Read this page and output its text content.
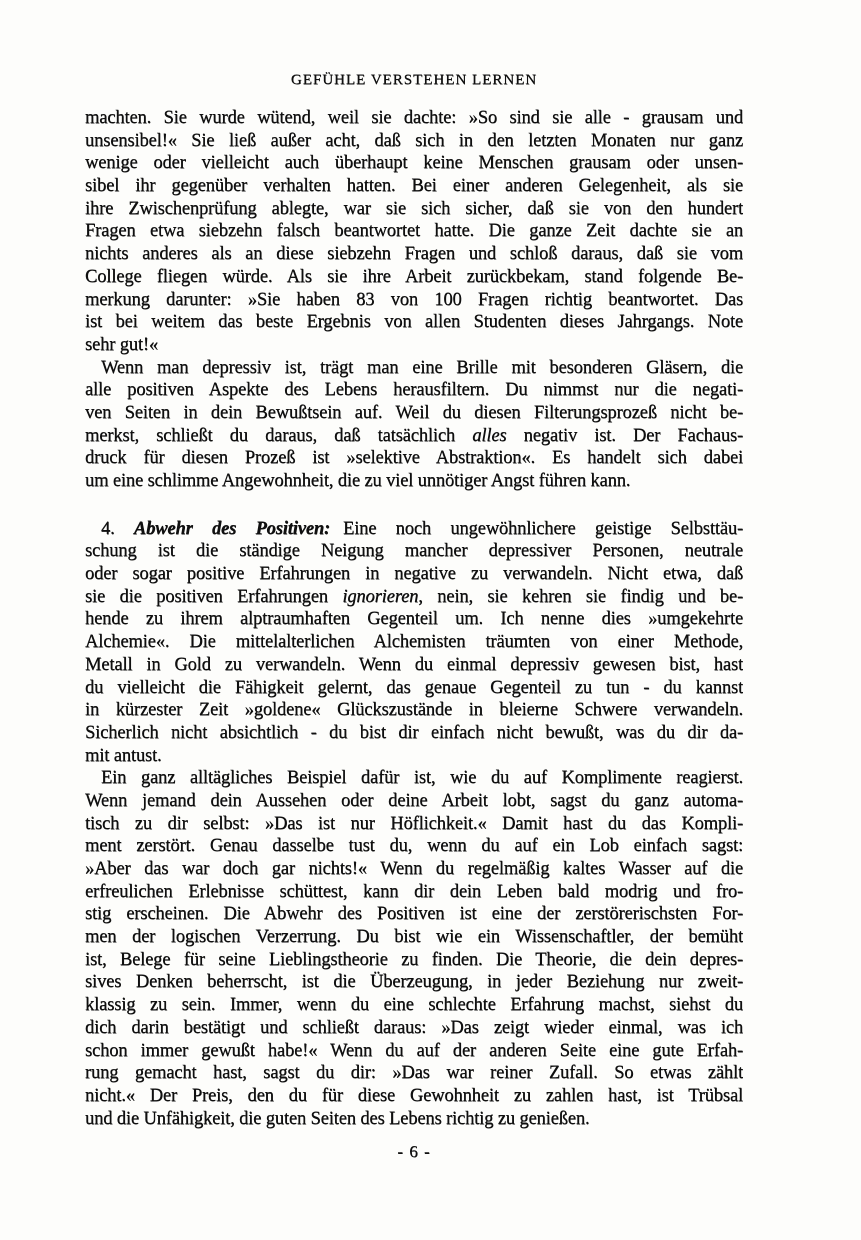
GEFÜHLE VERSTEHEN LERNEN
machten. Sie wurde wütend, weil sie dachte: »So sind sie alle - grausam und
unsensibel!« Sie ließ außer acht, daß sich in den letzten Monaten nur ganz
wenige oder vielleicht auch überhaupt keine Menschen grausam oder unsen-
sibel ihr gegenüber verhalten hatten. Bei einer anderen Gelegenheit, als sie
ihre Zwischenprüfung ablegte, war sie sich sicher, daß sie von den hundert
Fragen etwa siebzehn falsch beantwortet hatte. Die ganze Zeit dachte sie an
nichts anderes als an diese siebzehn Fragen und schloß daraus, daß sie vom
College fliegen würde. Als sie ihre Arbeit zurückbekam, stand folgende Be-
merkung darunter: »Sie haben 83 von 100 Fragen richtig beantwortet. Das
ist bei weitem das beste Ergebnis von allen Studenten dieses Jahrgangs. Note
sehr gut!«
Wenn man depressiv ist, trägt man eine Brille mit besonderen Gläsern, die
alle positiven Aspekte des Lebens herausfiltern. Du nimmst nur die negati-
ven Seiten in dein Bewußtsein auf. Weil du diesen Filterungsprozeß nicht be-
merkst, schließt du daraus, daß tatsächlich alles negativ ist. Der Fachaus-
druck für diesen Prozeß ist »selektive Abstraktion«. Es handelt sich dabei
um eine schlimme Angewohnheit, die zu viel unnötiger Angst führen kann.
4. Abwehr des Positiven: Eine noch ungewöhnlichere geistige Selbsttäu-
schung ist die ständige Neigung mancher depressiver Personen, neutrale
oder sogar positive Erfahrungen in negative zu verwandeln. Nicht etwa, daß
sie die positiven Erfahrungen ignorieren, nein, sie kehren sie findig und be-
hende zu ihrem alptraumhaften Gegenteil um. Ich nenne dies »umgekehrte
Alchemie«. Die mittelalterlichen Alchemisten träumten von einer Methode,
Metall in Gold zu verwandeln. Wenn du einmal depressiv gewesen bist, hast
du vielleicht die Fähigkeit gelernt, das genaue Gegenteil zu tun - du kannst
in kürzester Zeit »goldene« Glückszustände in bleierne Schwere verwandeln.
Sicherlich nicht absichtlich - du bist dir einfach nicht bewußt, was du dir da-
mit antust.
Ein ganz alltägliches Beispiel dafür ist, wie du auf Komplimente reagierst.
Wenn jemand dein Aussehen oder deine Arbeit lobt, sagst du ganz automa-
tisch zu dir selbst: »Das ist nur Höflichkeit.« Damit hast du das Kompli-
ment zerstört. Genau dasselbe tust du, wenn du auf ein Lob einfach sagst:
»Aber das war doch gar nichts!« Wenn du regelmäßig kaltes Wasser auf die
erfreulichen Erlebnisse schüttest, kann dir dein Leben bald modrig und fro-
stig erscheinen. Die Abwehr des Positiven ist eine der zerstörerischsten For-
men der logischen Verzerrung. Du bist wie ein Wissenschaftler, der bemüht
ist, Belege für seine Lieblingstheorie zu finden. Die Theorie, die dein depres-
sives Denken beherrscht, ist die Überzeugung, in jeder Beziehung nur zweit-
klassig zu sein. Immer, wenn du eine schlechte Erfahrung machst, siehst du
dich darin bestätigt und schließt daraus: »Das zeigt wieder einmal, was ich
schon immer gewußt habe!« Wenn du auf der anderen Seite eine gute Erfah-
rung gemacht hast, sagst du dir: »Das war reiner Zufall. So etwas zählt
nicht.« Der Preis, den du für diese Gewohnheit zu zahlen hast, ist Trübsal
und die Unfähigkeit, die guten Seiten des Lebens richtig zu genießen.
- 6 -
